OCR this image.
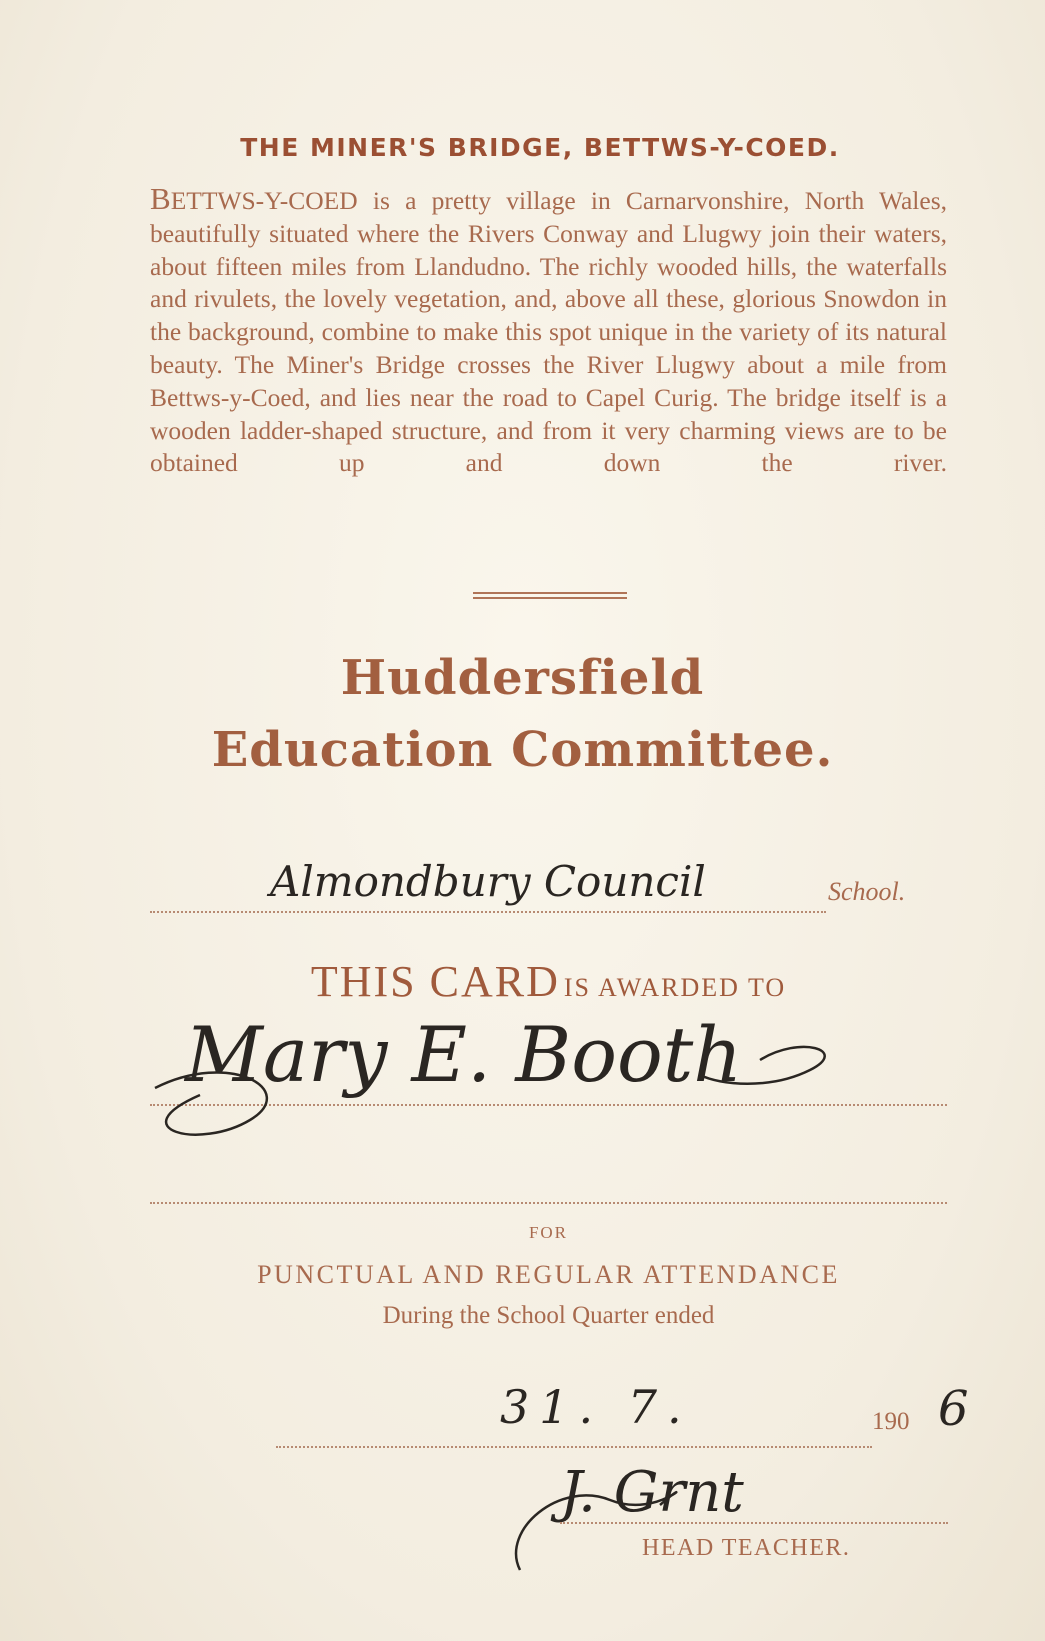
THE MINER'S BRIDGE, BETTWS-Y-COED.

BETTWS-Y-COED is a pretty village in Carnarvonshire, North Wales, beautifully situated where the Rivers Conway and Llugwy join their waters, about fifteen miles from Llandudno. The richly wooded hills, the waterfalls and rivulets, the lovely vegetation, and, above all these, glorious Snowdon in the background, combine to make this spot unique in the variety of its natural beauty. The Miner's Bridge crosses the River Llugwy about a mile from Bettws-y-Coed, and lies near the road to Capel Curig. The bridge itself is a wooden ladder-shaped structure, and from it very charming views are to be obtained up and down the river.

Huddersfield
Education Committee.
Almondbury Council	School.
THIS CARD IS AWARDED TO
Mary E. Booth
FOR
PUNCTUAL AND REGULAR ATTENDANCE
During the School Quarter ended
31. 7.	190 6
J. Grnt
HEAD TEACHER.
